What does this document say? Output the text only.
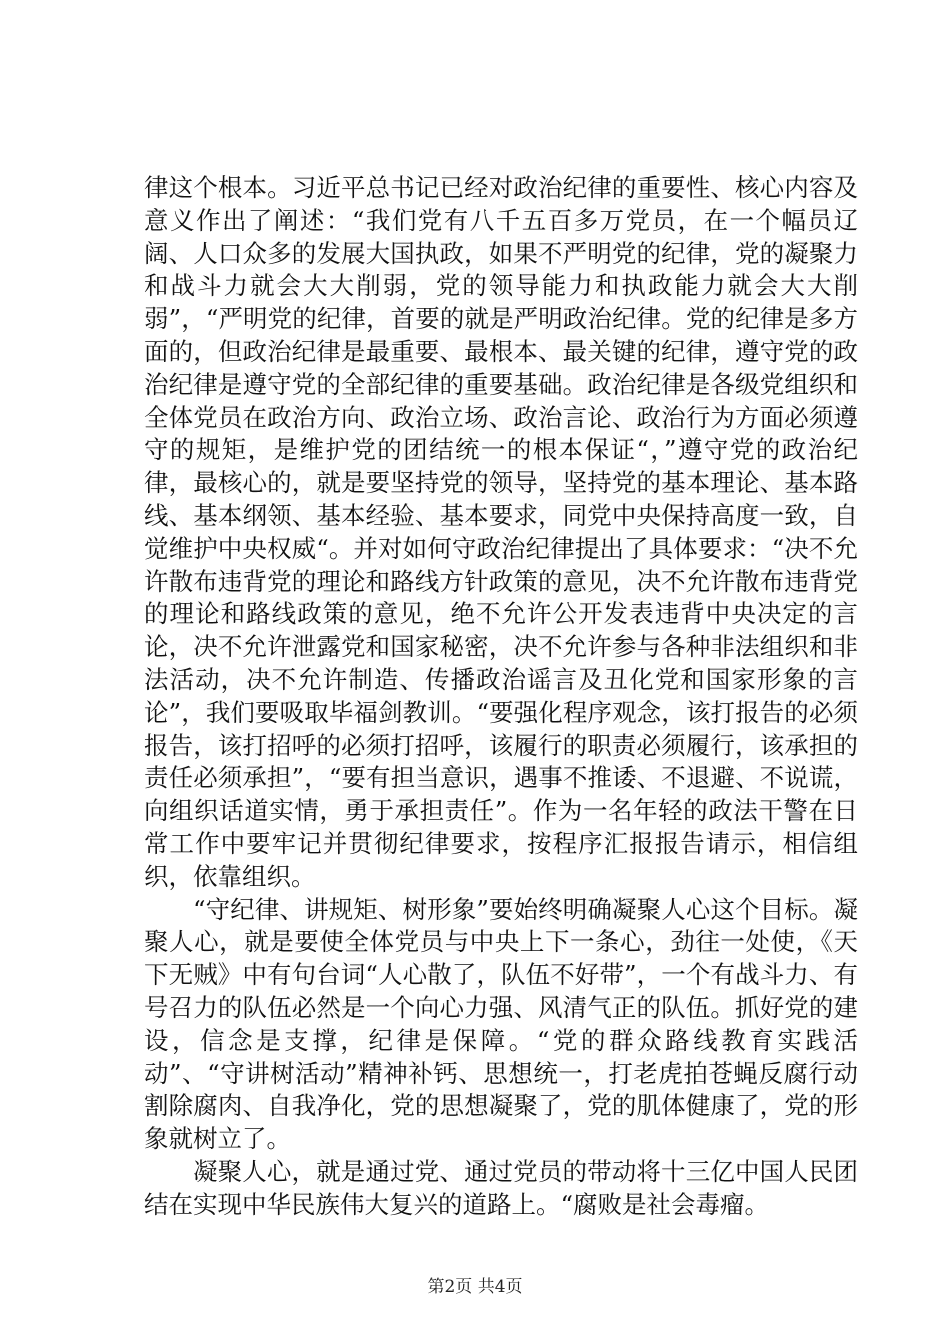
律这个根本。习近平总书记已经对政治纪律的重要性、核心内容及意义作出了阐述：“我们党有八千五百多万党员，在一个幅员辽阔、人口众多的发展大国执政，如果不严明党的纪律，党的凝聚力和战斗力就会大大削弱，党的领导能力和执政能力就会大大削弱”，“严明党的纪律，首要的就是严明政治纪律。党的纪律是多方面的，但政治纪律是最重要、最根本、最关键的纪律，遵守党的政治纪律是遵守党的全部纪律的重要基础。政治纪律是各级党组织和全体党员在政治方向、政治立场、政治言论、政治行为方面必须遵守的规矩，是维护党的团结统一的根本保证“，”遵守党的政治纪律，最核心的，就是要坚持党的领导，坚持党的基本理论、基本路线、基本纲领、基本经验、基本要求，同党中央保持高度一致，自觉维护中央权威“。并对如何守政治纪律提出了具体要求：“决不允许散布违背党的理论和路线方针政策的意见，决不允许散布违背党的理论和路线政策的意见，绝不允许公开发表违背中央决定的言论，决不允许泄露党和国家秘密，决不允许参与各种非法组织和非法活动，决不允许制造、传播政治谣言及丑化党和国家形象的言论”，我们要吸取毕福剑教训。“要强化程序观念，该打报告的必须报告，该打招呼的必须打招呼，该履行的职责必须履行，该承担的责任必须承担”，“要有担当意识，遇事不推诿、不退避、不说谎，向组织话道实情，勇于承担责任”。作为一名年轻的政法干警在日常工作中要牢记并贯彻纪律要求，按程序汇报报告请示，相信组织，依靠组织。

“守纪律、讲规矩、树形象”要始终明确凝聚人心这个目标。凝聚人心，就是要使全体党员与中央上下一条心，劲往一处使，《天下无贼》中有句台词“人心散了，队伍不好带”，一个有战斗力、有号召力的队伍必然是一个向心力强、风清气正的队伍。抓好党的建设，信念是支撑，纪律是保障。“党的群众路线教育实践活动”、“守讲树活动”精神补钙、思想统一，打老虎拍苍蝇反腐行动割除腐肉、自我净化，党的思想凝聚了，党的肌体健康了，党的形象就树立了。

凝聚人心，就是通过党、通过党员的带动将十三亿中国人民团结在实现中华民族伟大复兴的道路上。“腐败是社会毒瘤。

第2页 共4页
